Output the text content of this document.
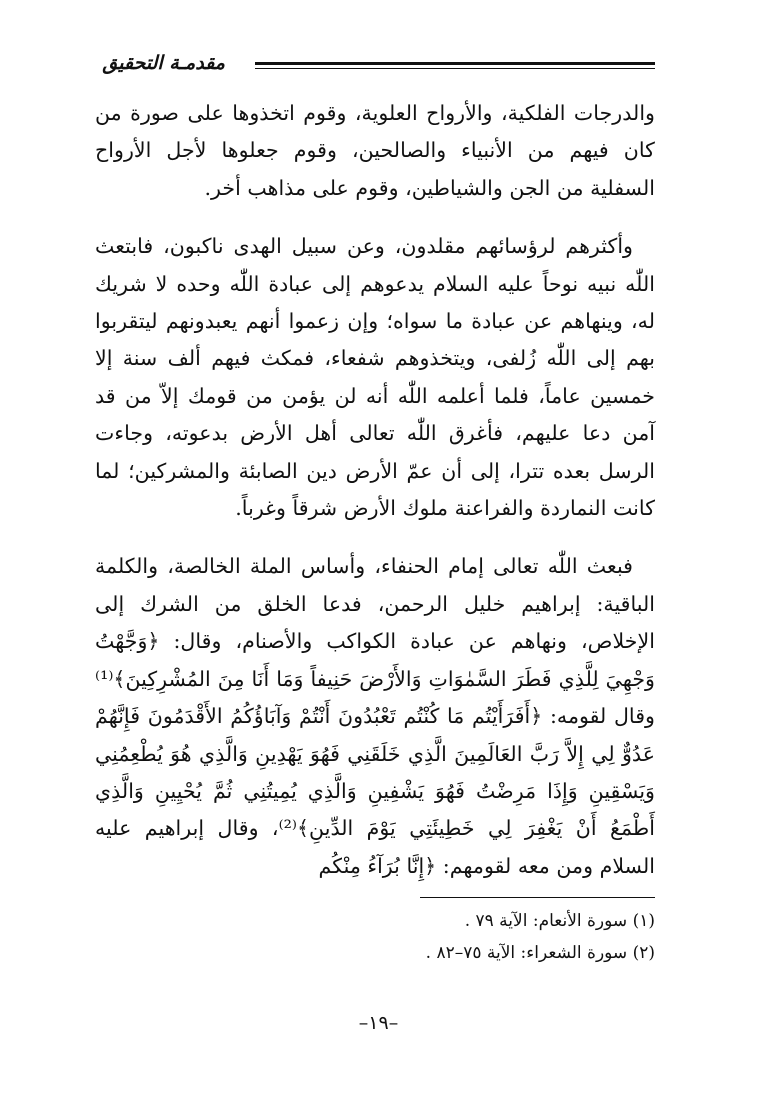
مقدمـة التحقيق

والدرجات الفلكية، والأرواح العلوية، وقوم اتخذوها على صورة من كان فيهم من الأنبياء والصالحين، وقوم جعلوها لأجل الأرواح السفلية من الجن والشياطين، وقوم على مذاهب أخر.

وأكثرهم لرؤسائهم مقلدون، وعن سبيل الهدى ناكبون، فابتعث اللّٰه نبيه نوحاً عليه السلام يدعوهم إلى عبادة اللّٰه وحده لا شريك له، وينهاهم عن عبادة ما سواه؛ وإن زعموا أنهم يعبدونهم ليتقربوا بهم إلى اللّٰه زُلفى، ويتخذوهم شفعاء، فمكث فيهم ألف سنة إلا خمسين عاماً، فلما أعلمه اللّٰه أنه لن يؤمن من قومك إلاّ من قد آمن دعا عليهم، فأغرق اللّٰه تعالى أهل الأرض بدعوته، وجاءت الرسل بعده تترا، إلى أن عمّ الأرض دين الصابئة والمشركين؛ لما كانت النماردة والفراعنة ملوك الأرض شرقاً وغرباً.

فبعث اللّٰه تعالى إمام الحنفاء، وأساس الملة الخالصة، والكلمة الباقية: إبراهيم خليل الرحمن، فدعا الخلق من الشرك إلى الإخلاص، ونهاهم عن عبادة الكواكب والأصنام، وقال: ﴿وَجَّهْتُ وَجْهِيَ لِلَّذِي فَطَرَ السَّمٰوَاتِ وَالأَرْضَ حَنِيفاً وَمَا أَنَا مِنَ المُشْرِكِينَ﴾⁽¹⁾ وقال لقومه: ﴿أَفَرَأَيْتُم مَا كُنْتُم تَعْبُدُونَ أَنْتُمْ وَآبَاؤُكُمُ الأَقْدَمُونَ فَإِنَّهُمْ عَدُوٌّ لِي إِلاَّ رَبَّ العَالَمِينَ الَّذِي خَلَقَنِي فَهُوَ يَهْدِينِ وَالَّذِي هُوَ يُطْعِمُنِي وَيَسْقِينِ وَإِذَا مَرِضْتُ فَهُوَ يَشْفِينِ وَالَّذِي يُمِيتُنِي ثُمَّ يُحْيِينِ وَالَّذِي أَطْمَعُ أَنْ يَغْفِرَ لِي خَطِيئَتِي يَوْمَ الدِّينِ﴾⁽²⁾، وقال إبراهيم عليه السلام ومن معه لقومهم: ﴿إِنَّا بُرَآءُ مِنْكُم

(١) سورة الأنعام: الآية ٧٩ .
(٢) سورة الشعراء: الآية ٧٥–٨٢ .
–١٩–
